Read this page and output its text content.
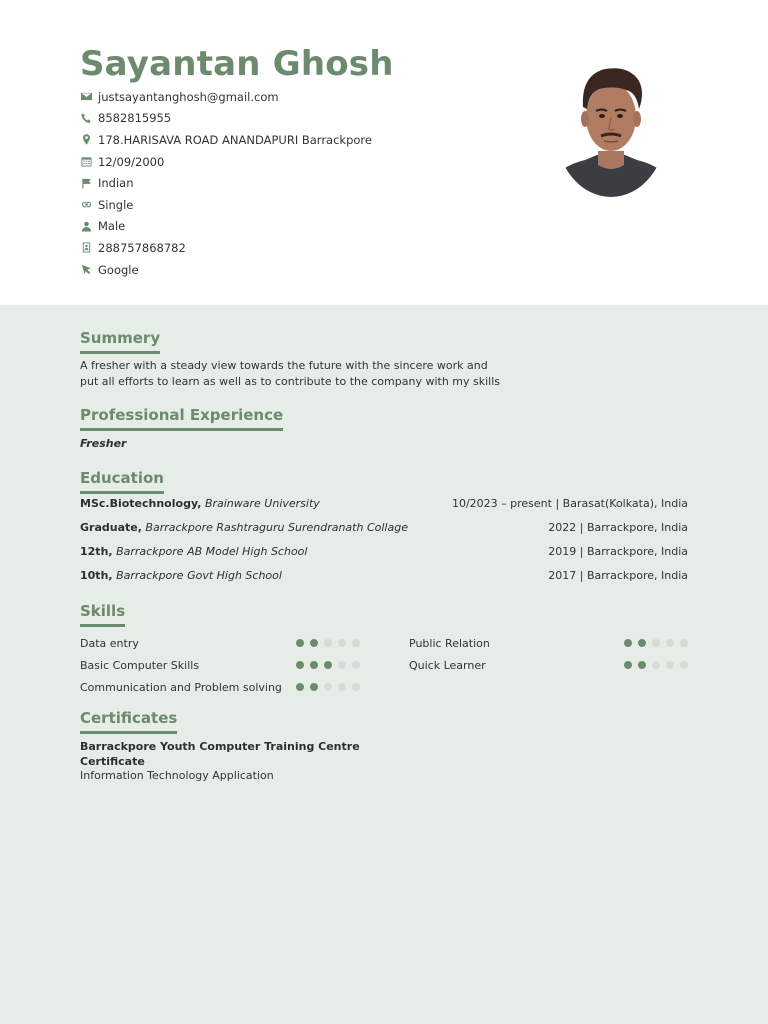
Sayantan Ghosh
justsayantanghosh@gmail.com
8582815955
178.HARISAVA ROAD ANANDAPURI Barrackpore
12/09/2000
Indian
Single
Male
288757868782
Google
Summery
A fresher with a steady view towards the future with the sincere work and
put all efforts to learn as well as to contribute to the company with my skills
Professional Experience
Fresher
Education
MSc.Biotechnology, Brainware University	10/2023 – present | Barasat(Kolkata), India
Graduate, Barrackpore Rashtraguru Surendranath Collage	2022 | Barrackpore, India
12th, Barrackpore AB Model High School	2019 | Barrackpore, India
10th, Barrackpore Govt High School	2017 | Barrackpore, India
Skills
Data entry	Public Relation
Basic Computer Skills	Quick Learner
Communication and Problem solving
Certificates
Barrackpore Youth Computer Training Centre
Certificate
Information Technology Application
